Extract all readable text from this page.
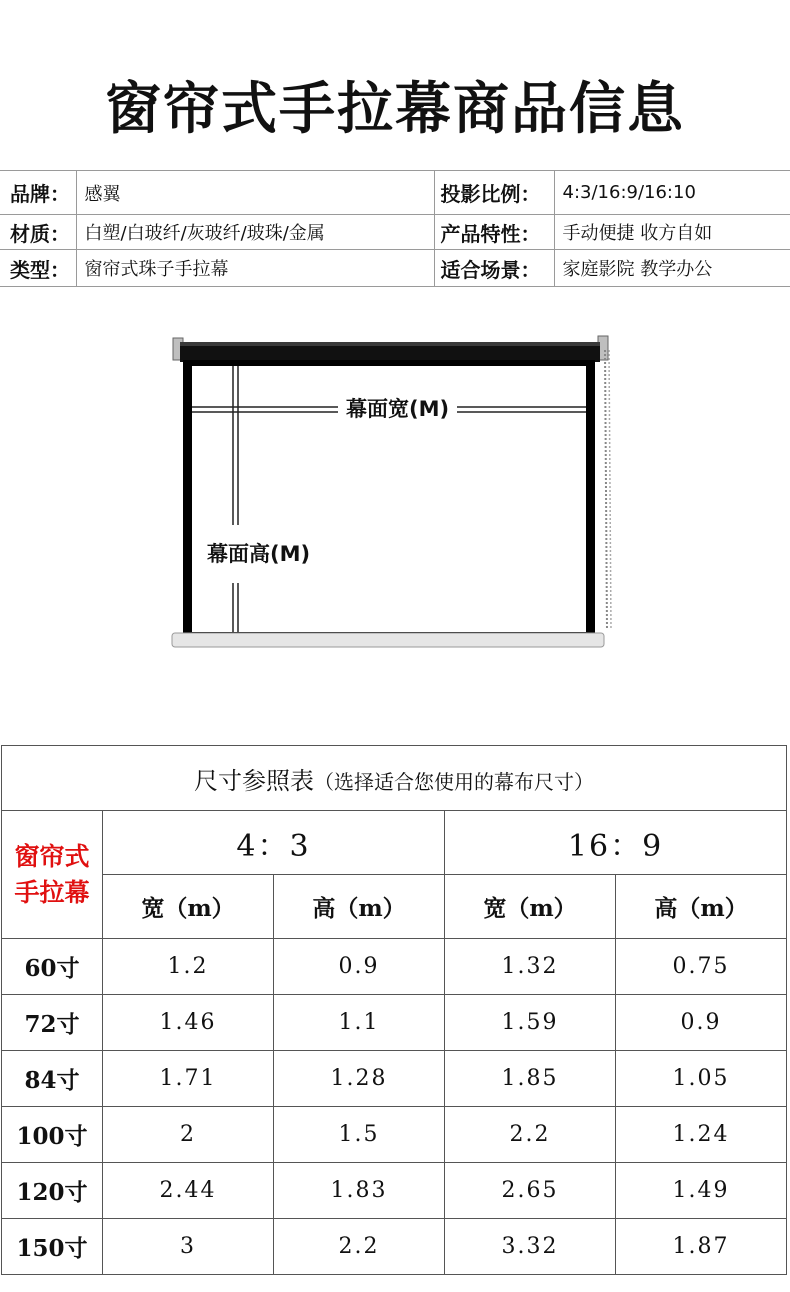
窗帘式手拉幕商品信息
品牌：	感翼	投影比例：	4:3/16:9/16:10
材质：	白塑/白玻纤/灰玻纤/玻珠/金属	产品特性：	手动便捷 收方自如
类型：	窗帘式珠子手拉幕	适合场景：	家庭影院 教学办公
幕面宽(M)
幕面高(M)
尺寸参照表（选择适合您使用的幕布尺寸）				

窗帘式
手拉幕	4：3		16：9	
	宽（m）	高（m）	宽（m）	高（m）
60寸	1.2	0.9	1.32	0.75
72寸	1.46	1.1	1.59	0.9
84寸	1.71	1.28	1.85	1.05
100寸	2	1.5	2.2	1.24
120寸	2.44	1.83	2.65	1.49
150寸	3	2.2	3.32	1.87
